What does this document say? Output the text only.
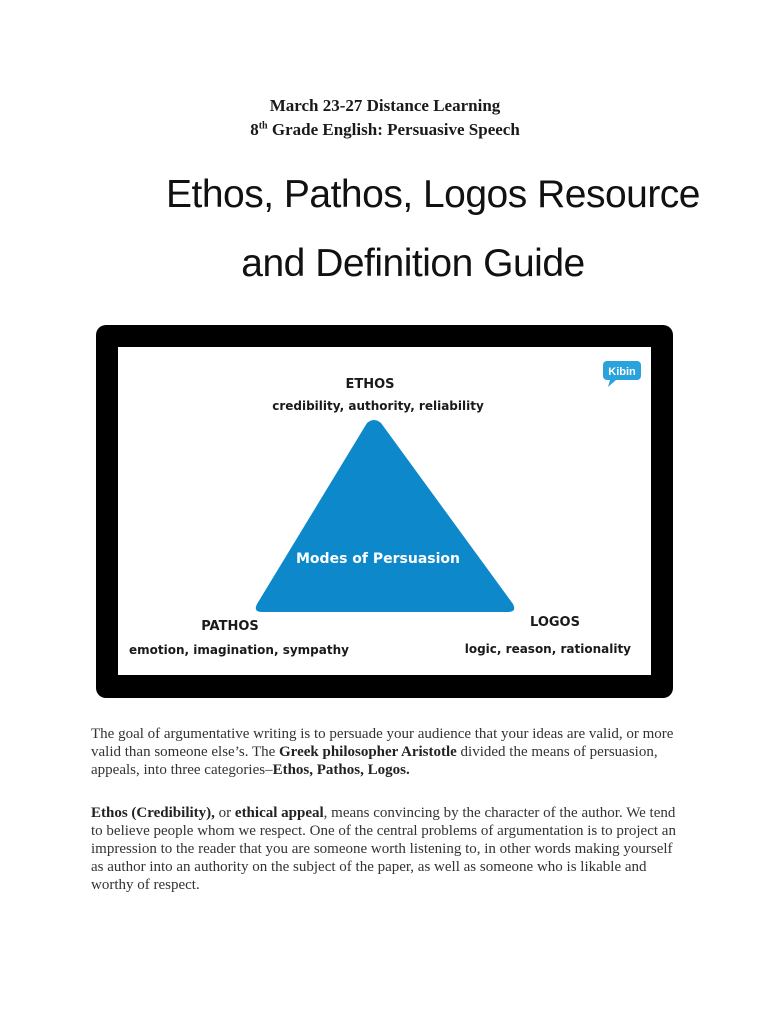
March 23-27 Distance Learning
8th Grade English: Persuasive Speech
Ethos, Pathos, Logos Resource
and Definition Guide
Kibin
Modes of Persuasion
ETHOS
credibility, authority, reliability
PATHOS
emotion, imagination, sympathy
LOGOS
logic, reason, rationality
The goal of argumentative writing is to persuade your audience that your ideas are valid, or more valid than someone else’s. The Greek philosopher Aristotle divided the means of persuasion, appeals, into three categories–Ethos, Pathos, Logos.
Ethos (Credibility), or ethical appeal, means convincing by the character of the author. We tend to believe people whom we respect. One of the central problems of argumentation is to project an impression to the reader that you are someone worth listening to, in other words making yourself as author into an authority on the subject of the paper, as well as someone who is likable and worthy of respect.
